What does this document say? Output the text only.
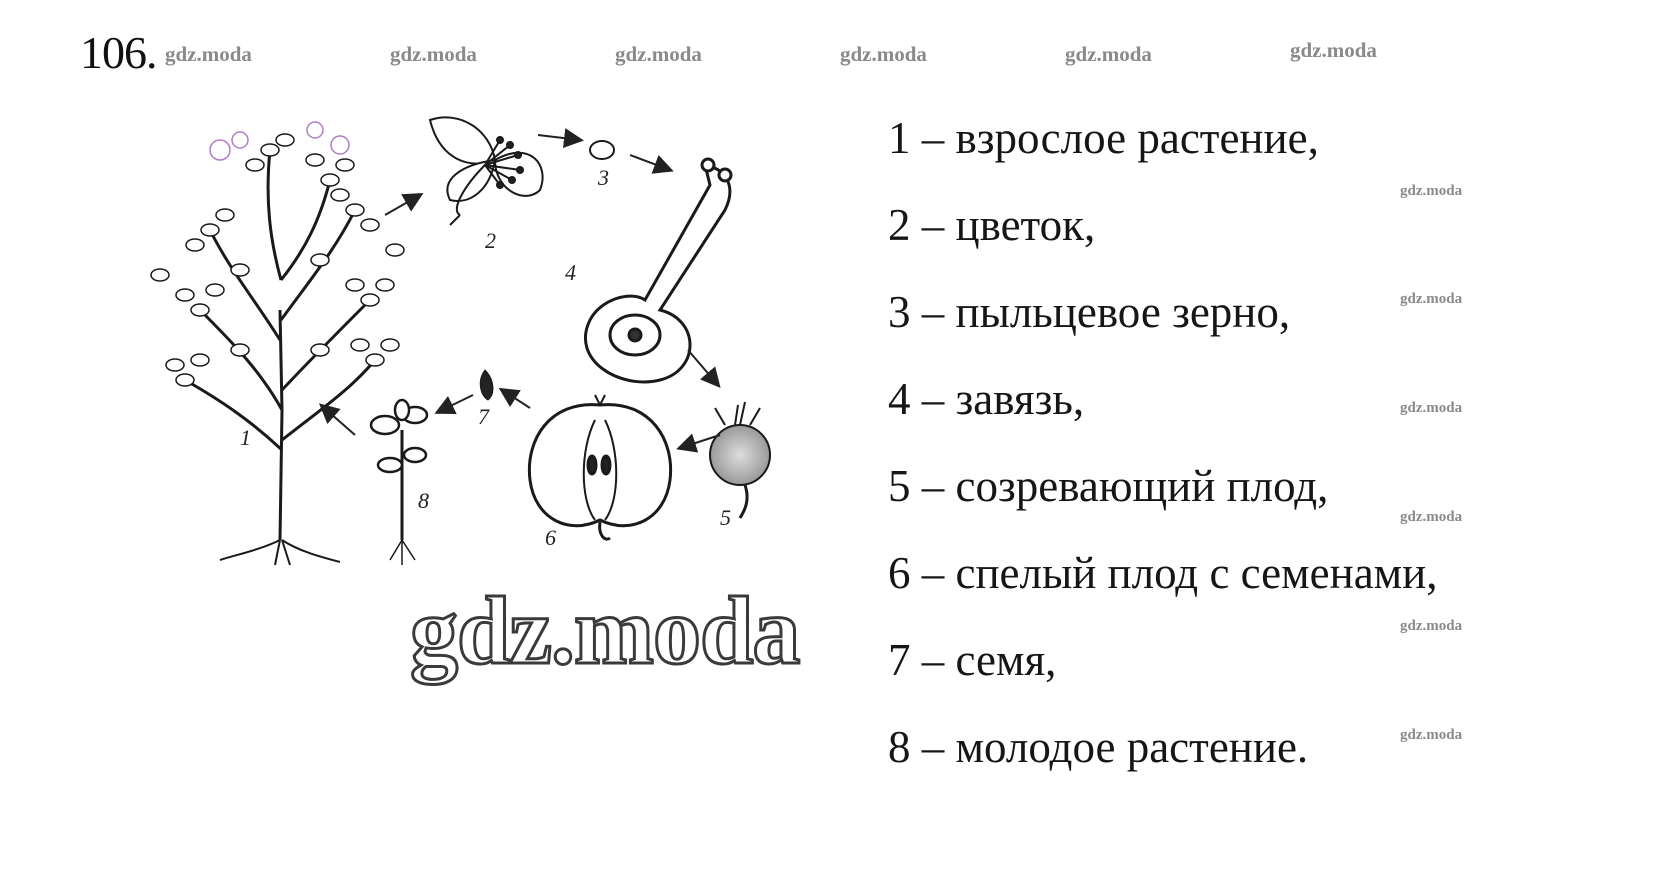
106. gdz.moda	gdz.moda	gdz.moda	gdz.moda	gdz.moda	gdz.moda
gdz.moda
gdz.moda
gdz.moda
gdz.moda
gdz.moda
gdz.moda
1
2
3
4
5
6
7
8
gdz.moda
1 – взрослое растение,
2 – цветок,
3 – пыльцевое зерно,
4 – завязь,
5 – созревающий плод,
6 – спелый плод с семенами,
7 – семя,
8 – молодое растение.
